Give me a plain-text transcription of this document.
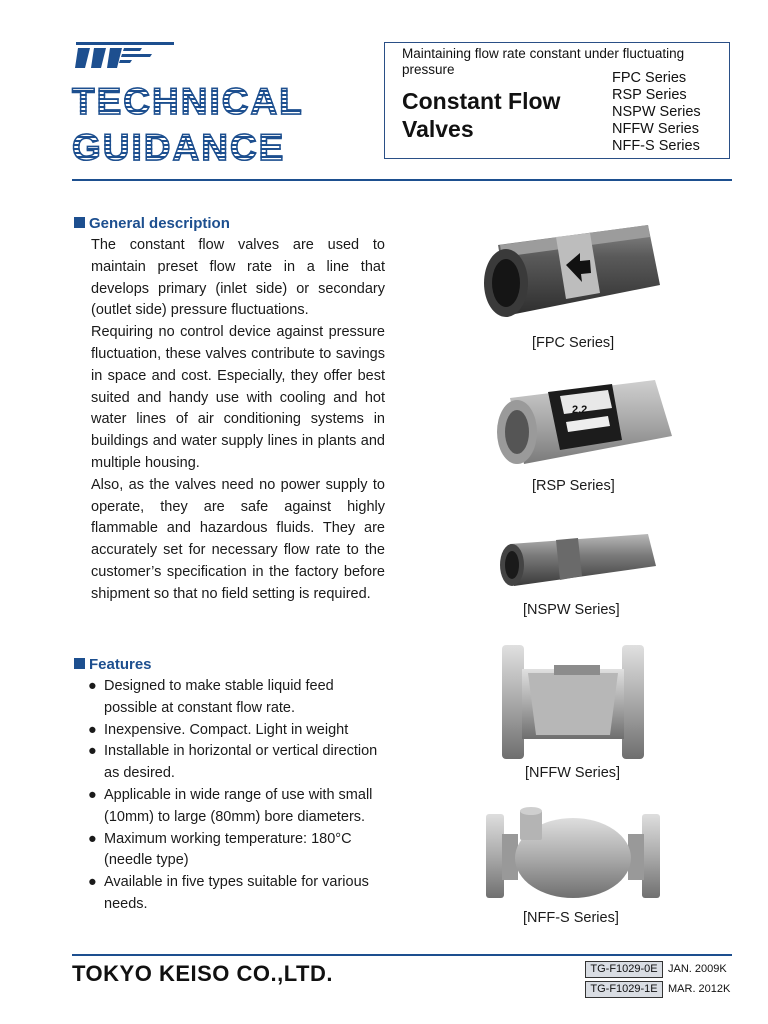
TECHNICAL
GUIDANCE
Maintaining flow rate constant under fluctuating pressure
Constant Flow
Valves
FPC Series
RSP Series
NSPW Series
NFFW Series
NFF-S Series
General description

The constant flow valves are used to maintain preset flow rate in a line that develops primary (inlet side) or secondary (outlet side) pressure fluctuations.

Requiring no control device against pressure fluctuation, these valves contribute to savings in space and cost. Especially, they offer best suited and handy use with cooling and hot water lines of air conditioning systems in buildings and water supply lines in plants and multiple housing.

Also, as the valves need no power supply to operate, they are safe against highly flammable and hazardous fluids. They are accurately set for necessary flow rate to the customer’s specification in the factory before shipment so that no field setting is required.

Features
● Designed to make stable liquid feed possible at constant flow rate.
● Inexpensive. Compact. Light in weight
● Installable in horizontal or vertical direction as desired.
● Applicable in wide range of use with small (10mm) to large (80mm) bore diameters.
● Maximum working temperature: 180°C (needle type)
● Available in five types suitable for various needs.
[FPC Series]
2.2
[RSP Series]
[NSPW Series]
[NFFW Series]
[NFF-S Series]
TOKYO KEISO CO.,LTD.	TG-F1029-0E JAN. 2009K
TG-F1029-1E MAR. 2012K
